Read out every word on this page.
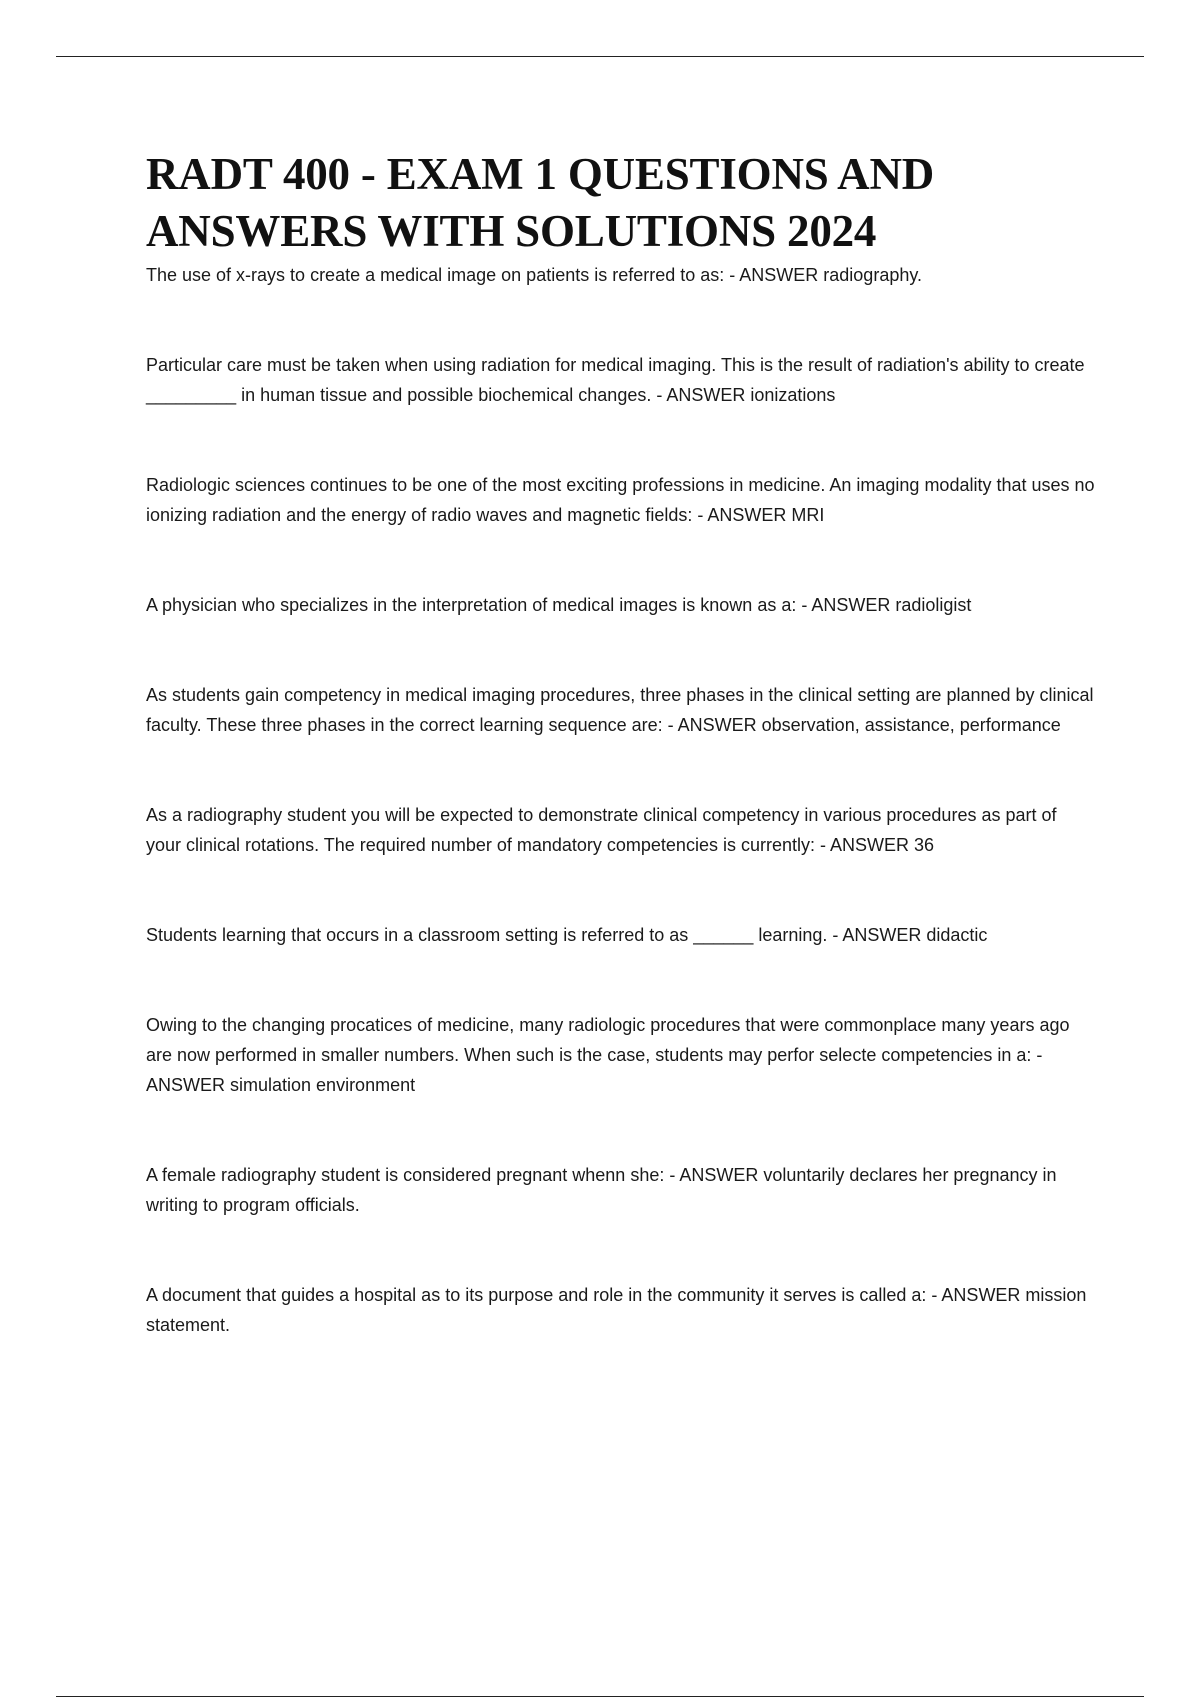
RADT 400 - EXAM 1 QUESTIONS AND ANSWERS WITH SOLUTIONS 2024
The use of x-rays to create a medical image on patients is referred to as: - ANSWER radiography.
Particular care must be taken when using radiation for medical imaging. This is the result of radiation's ability to create _________ in human tissue and possible biochemical changes. - ANSWER ionizations
Radiologic sciences continues to be one of the most exciting professions in medicine. An imaging modality that uses no ionizing radiation and the energy of radio waves and magnetic fields: - ANSWER MRI
A physician who specializes in the interpretation of medical images is known as a: - ANSWER radioligist
As students gain competency in medical imaging procedures, three phases in the clinical setting are planned by clinical faculty. These three phases in the correct learning sequence are: - ANSWER observation, assistance, performance
As a radiography student you will be expected to demonstrate clinical competency in various procedures as part of your clinical rotations. The required number of mandatory competencies is currently: - ANSWER 36
Students learning that occurs in a classroom setting is referred to as ______ learning. - ANSWER didactic
Owing to the changing procatices of medicine, many radiologic procedures that were commonplace many years ago are now performed in smaller numbers. When such is the case, students may perfor selecte competencies in a: - ANSWER simulation environment
A female radiography student is considered pregnant whenn she: - ANSWER voluntarily declares her pregnancy in writing to program officials.
A document that guides a hospital as to its purpose and role in the community it serves is called a: - ANSWER mission statement.
